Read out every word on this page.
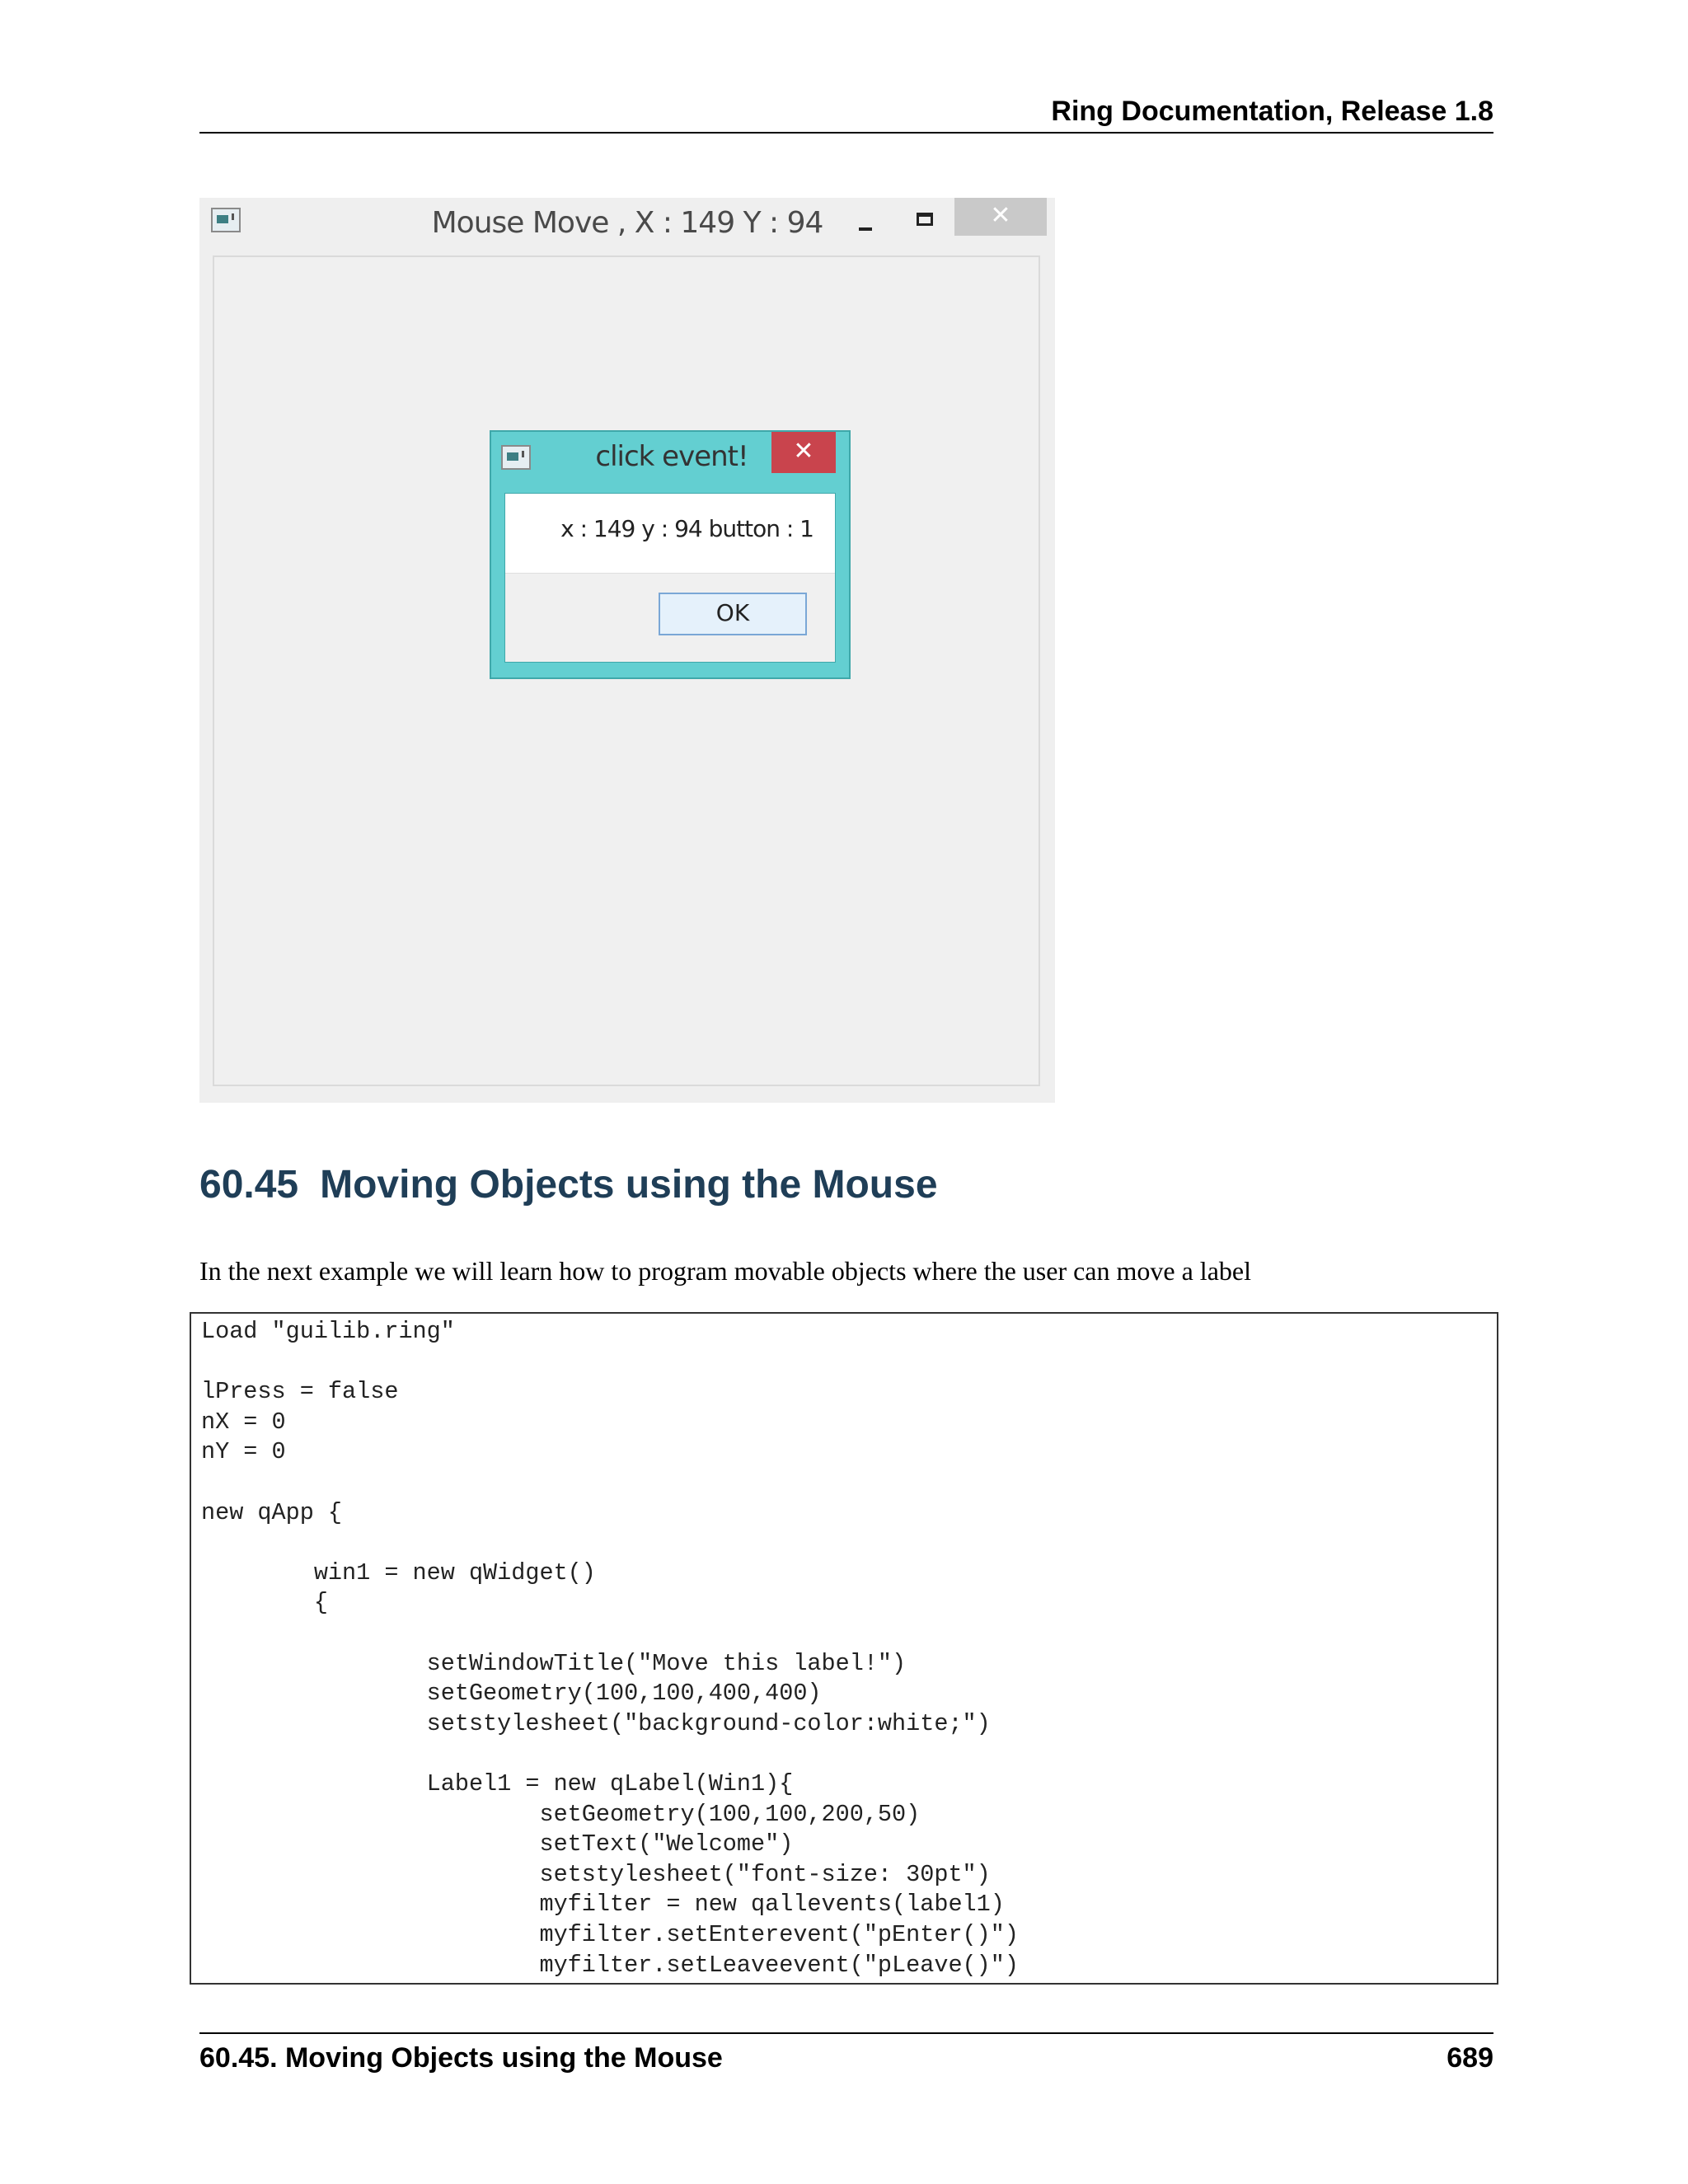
Ring Documentation, Release 1.8
Mouse Move , X : 149 Y : 94	✕
click event!	✕
x : 149 y : 94 button : 1
OK
60.45 Moving Objects using the Mouse
In the next example we will learn how to program movable objects where the user can move a label
Load "guilib.ring"
lPress = false
nX = 0
nY = 0
new qApp {
win1 = new qWidget()
{
setWindowTitle("Move this label!")
setGeometry(100,100,400,400)
setstylesheet("background-color:white;")
Label1 = new qLabel(Win1){
setGeometry(100,100,200,50)
setText("Welcome")
setstylesheet("font-size: 30pt")
myfilter = new qallevents(label1)
myfilter.setEnterevent("pEnter()")
myfilter.setLeaveevent("pLeave()")
60.45. Moving Objects using the Mouse	689
